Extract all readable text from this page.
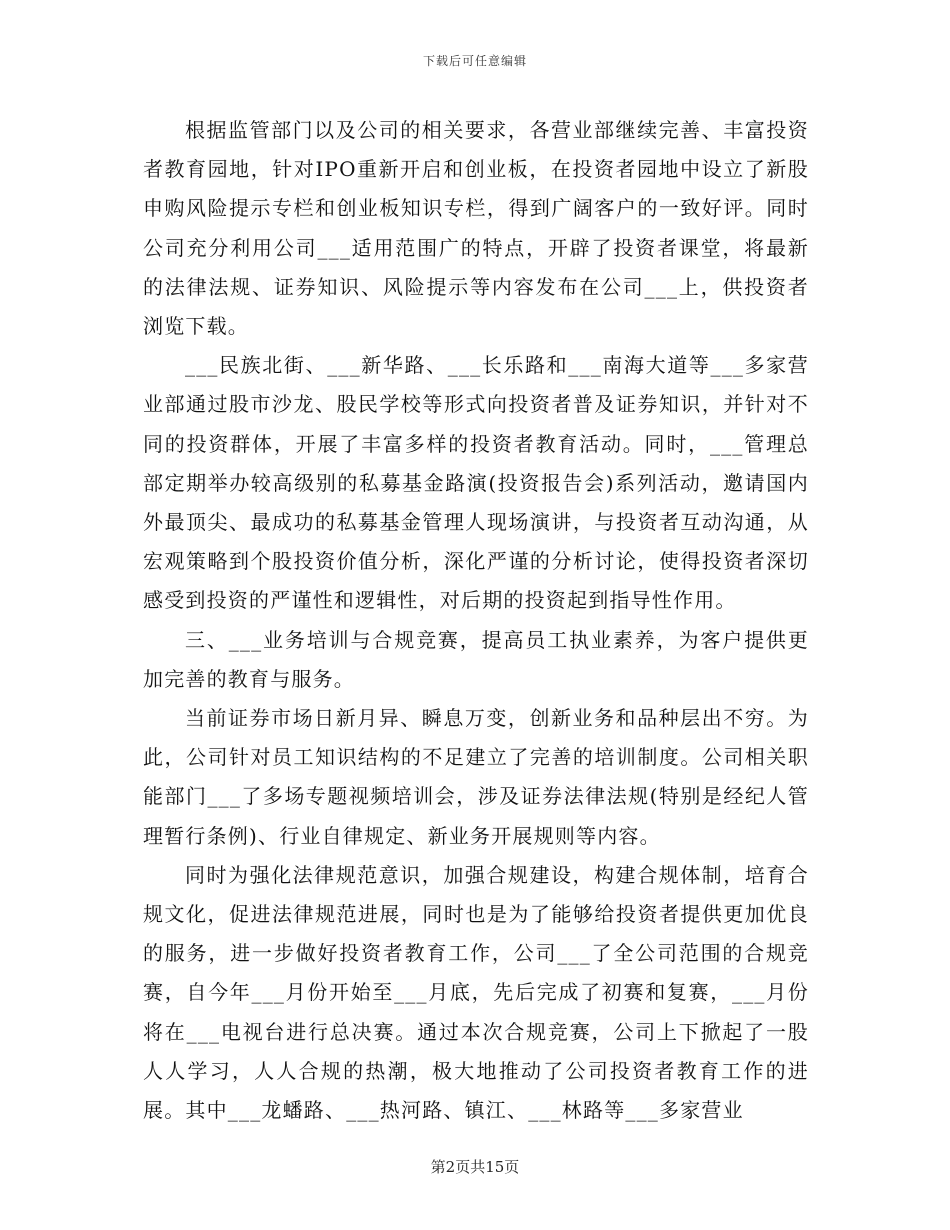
下载后可任意编辑

根据监管部门以及公司的相关要求，各营业部继续完善、丰富投资者教育园地，针对IPO重新开启和创业板，在投资者园地中设立了新股申购风险提示专栏和创业板知识专栏，得到广阔客户的一致好评。同时公司充分利用公司___适用范围广的特点，开辟了投资者课堂，将最新的法律法规、证券知识、风险提示等内容发布在公司___上，供投资者浏览下载。

___民族北街、___新华路、___长乐路和___南海大道等___多家营业部通过股市沙龙、股民学校等形式向投资者普及证券知识，并针对不同的投资群体，开展了丰富多样的投资者教育活动。同时，___管理总部定期举办较高级别的私募基金路演(投资报告会)系列活动，邀请国内外最顶尖、最成功的私募基金管理人现场演讲，与投资者互动沟通，从宏观策略到个股投资价值分析，深化严谨的分析讨论，使得投资者深切感受到投资的严谨性和逻辑性，对后期的投资起到指导性作用。

三、___业务培训与合规竞赛，提高员工执业素养，为客户提供更加完善的教育与服务。

当前证券市场日新月异、瞬息万变，创新业务和品种层出不穷。为此，公司针对员工知识结构的不足建立了完善的培训制度。公司相关职能部门___了多场专题视频培训会，涉及证券法律法规(特别是经纪人管理暂行条例)、行业自律规定、新业务开展规则等内容。

同时为强化法律规范意识，加强合规建设，构建合规体制，培育合规文化，促进法律规范进展，同时也是为了能够给投资者提供更加优良的服务，进一步做好投资者教育工作，公司___了全公司范围的合规竞赛，自今年___月份开始至___月底，先后完成了初赛和复赛，___月份将在___电视台进行总决赛。通过本次合规竞赛，公司上下掀起了一股人人学习，人人合规的热潮，极大地推动了公司投资者教育工作的进展。其中___龙蟠路、___热河路、镇江、___林路等___多家营业

第2页共15页
